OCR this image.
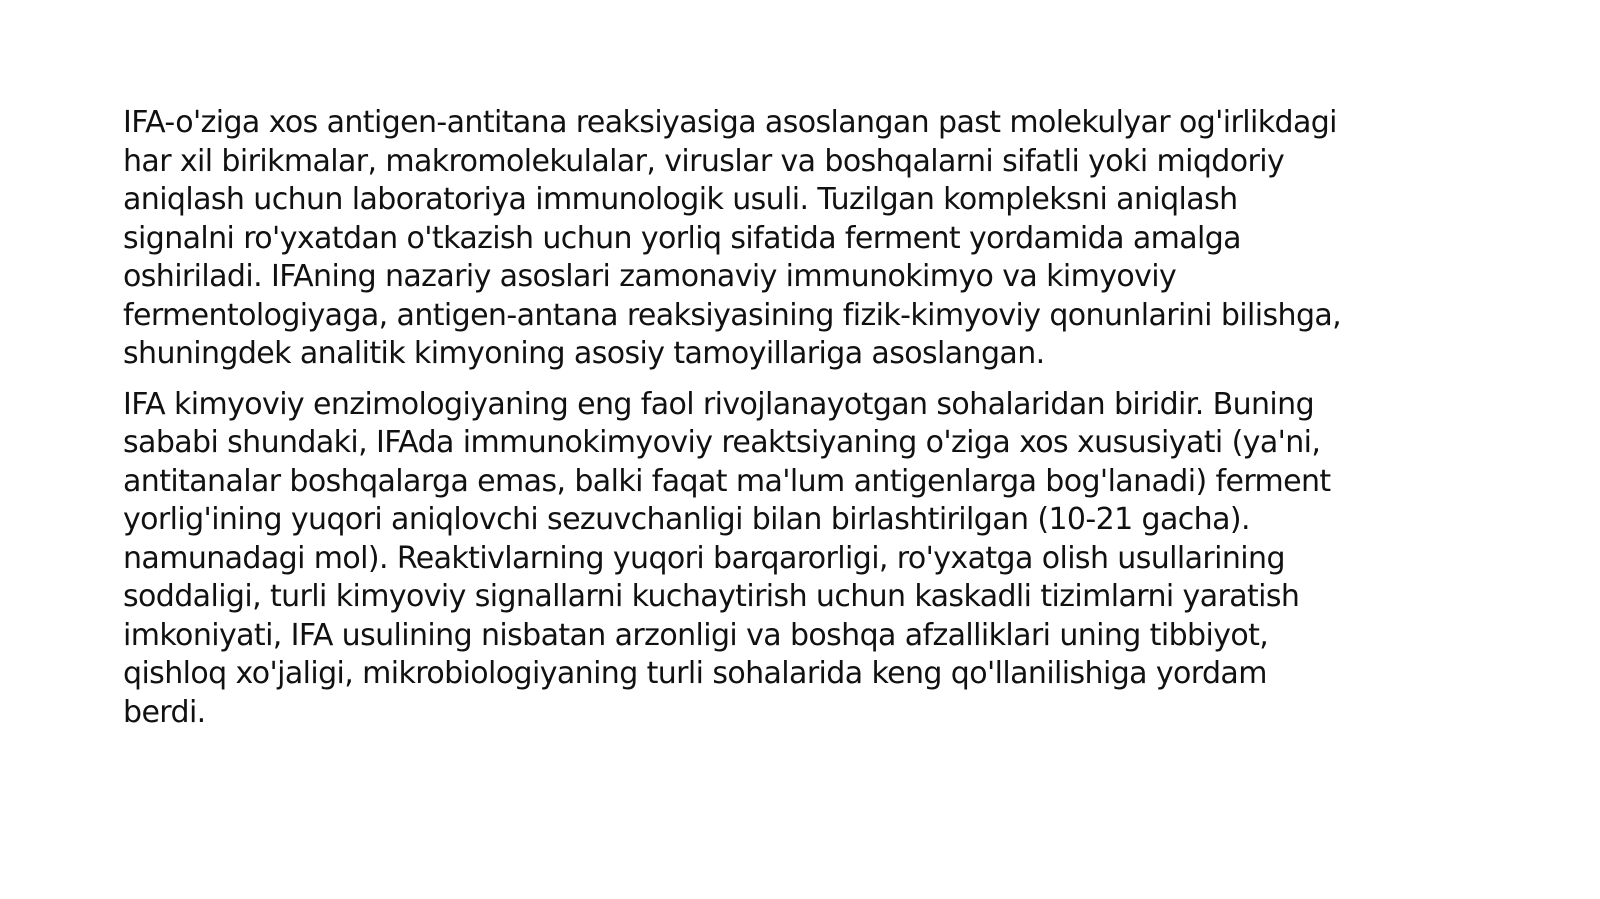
IFA-o'ziga xos antigen-antitana reaksiyasiga asoslangan past molekulyar og'irlikdagi
har xil birikmalar, makromolekulalar, viruslar va boshqalarni sifatli yoki miqdoriy
aniqlash uchun laboratoriya immunologik usuli. Tuzilgan kompleksni aniqlash
signalni ro'yxatdan o'tkazish uchun yorliq sifatida ferment yordamida amalga
oshiriladi. IFAning nazariy asoslari zamonaviy immunokimyo va kimyoviy
fermentologiyaga, antigen-antana reaksiyasining fizik-kimyoviy qonunlarini bilishga,
shuningdek analitik kimyoning asosiy tamoyillariga asoslangan.

IFA kimyoviy enzimologiyaning eng faol rivojlanayotgan sohalaridan biridir. Buning
sababi shundaki, IFAda immunokimyoviy reaktsiyaning o'ziga xos xususiyati (ya'ni,
antitanalar boshqalarga emas, balki faqat ma'lum antigenlarga bog'lanadi) ferment
yorlig'ining yuqori aniqlovchi sezuvchanligi bilan birlashtirilgan (10-21 gacha).
namunadagi mol). Reaktivlarning yuqori barqarorligi, ro'yxatga olish usullarining
soddaligi, turli kimyoviy signallarni kuchaytirish uchun kaskadli tizimlarni yaratish
imkoniyati, IFA usulining nisbatan arzonligi va boshqa afzalliklari uning tibbiyot,
qishloq xo'jaligi, mikrobiologiyaning turli sohalarida keng qo'llanilishiga yordam
berdi.
